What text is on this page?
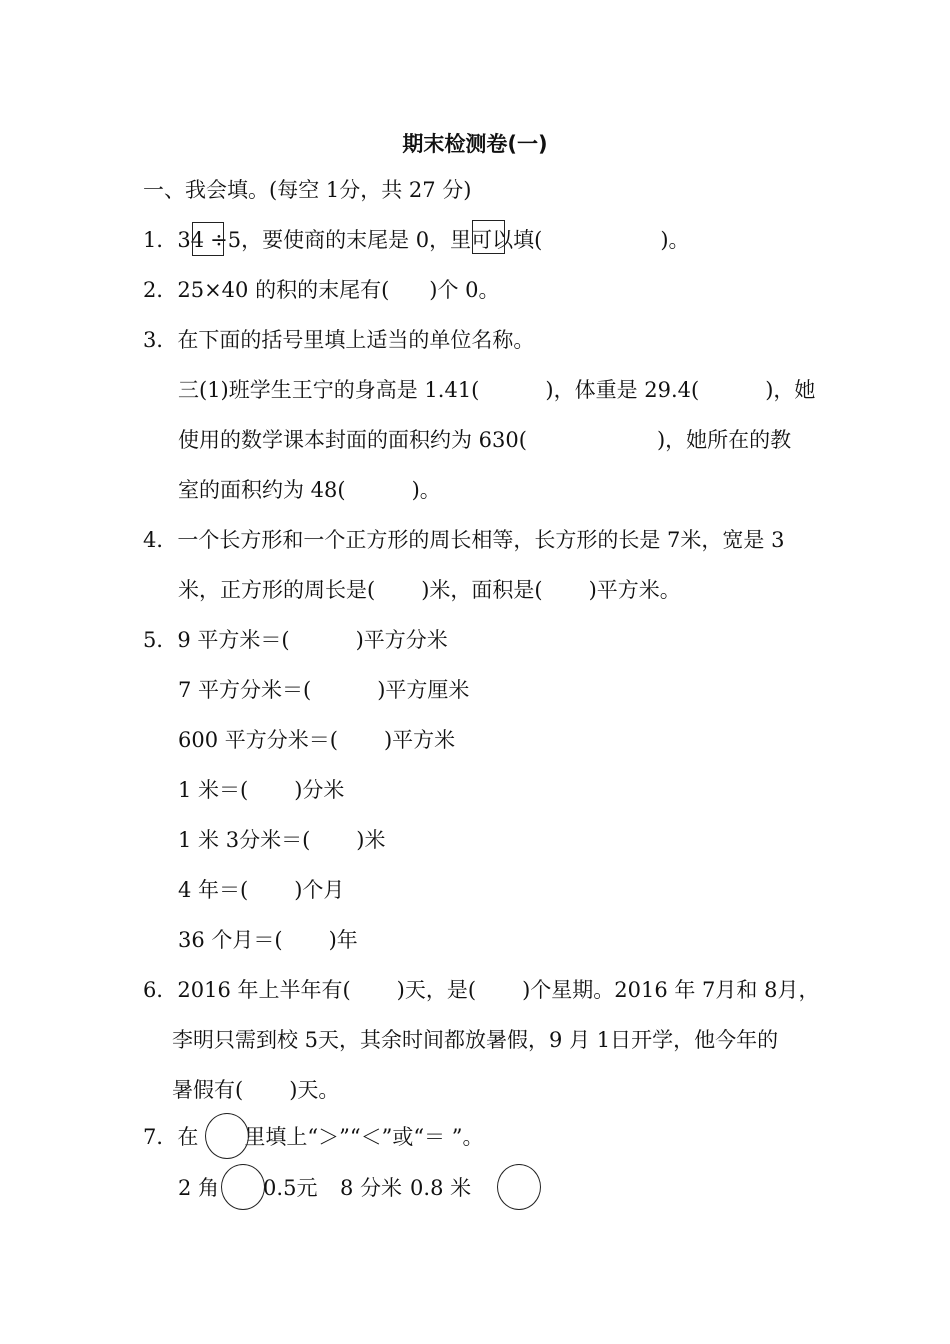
期末检测卷(一)
一、我会填。(每空 1分，共 27 分)
1．34 ÷5，要使商的末尾是 0，里可以填(	)。
2．25×40 的积的末尾有( )个 0。
3．在下面的括号里填上适当的单位名称。
三(1)班学生王宁的身高是 1.41(	)，体重是 29.4(	)，她
使用的数学课本封面的面积约为 630(	)，她所在的教
室的面积约为 48(	)。
4．一个长方形和一个正方形的周长相等，长方形的长是 7米，宽是 3
米，正方形的周长是( )米，面积是( )平方米。
5．9 平方米＝(	)平方分米
7 平方分米＝(	)平方厘米
600 平方分米＝( )平方米
1 米＝( )分米
1 米 3分米＝( )米
4 年＝( )个月
36 个月＝( )年
6．2016 年上半年有( )天，是( )个星期。2016 年 7月和 8月，
李明只需到校 5天，其余时间都放暑假，9 月 1日开学，他今年的
暑假有( )天。
7．在 里填上“＞”“＜”或“＝ ”。
2 角 0.5元 8 分米 0.8 米
